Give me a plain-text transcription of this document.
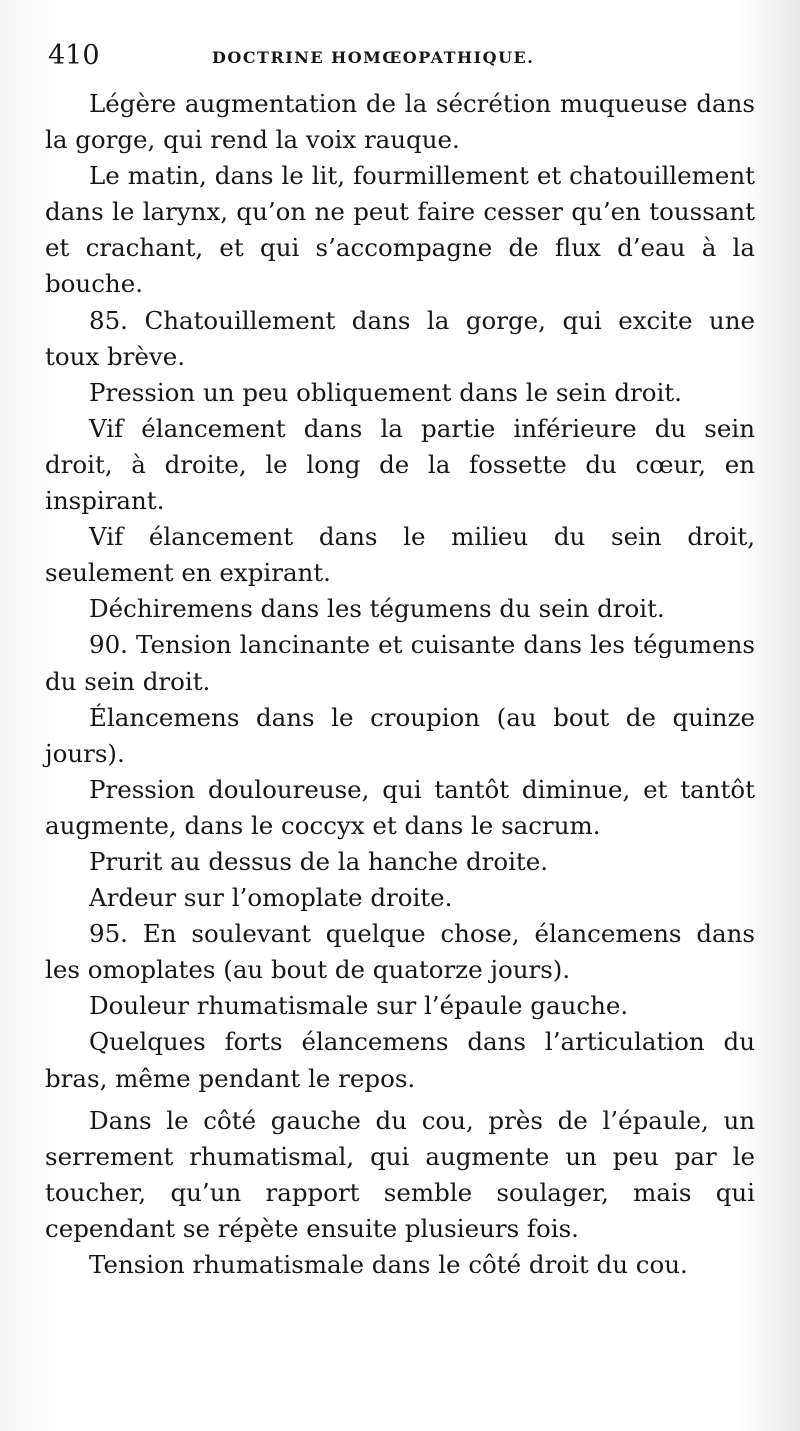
410	DOCTRINE HOMŒOPATHIQUE.

Légère augmentation de la sécrétion muqueuse dans la gorge, qui rend la voix rauque.

Le matin, dans le lit, fourmillement et chatouillement dans le larynx, qu’on ne peut faire cesser qu’en toussant et crachant, et qui s’accompagne de flux d’eau à la bouche.

85. Chatouillement dans la gorge, qui excite une toux brève.

Pression un peu obliquement dans le sein droit.

Vif élancement dans la partie inférieure du sein droit, à droite, le long de la fossette du cœur, en inspirant.

Vif élancement dans le milieu du sein droit, seulement en expirant.

Déchiremens dans les tégumens du sein droit.

90. Tension lancinante et cuisante dans les tégumens du sein droit.

Élancemens dans le croupion (au bout de quinze jours).

Pression douloureuse, qui tantôt diminue, et tantôt augmente, dans le coccyx et dans le sacrum.

Prurit au dessus de la hanche droite.

Ardeur sur l’omoplate droite.

95. En soulevant quelque chose, élancemens dans les omoplates (au bout de quatorze jours).

Douleur rhumatismale sur l’épaule gauche.

Quelques forts élancemens dans l’articulation du bras, même pendant le repos.

Dans le côté gauche du cou, près de l’épaule, un serrement rhumatismal, qui augmente un peu par le toucher, qu’un rapport semble soulager, mais qui cependant se répète ensuite plusieurs fois.

Tension rhumatismale dans le côté droit du cou.
